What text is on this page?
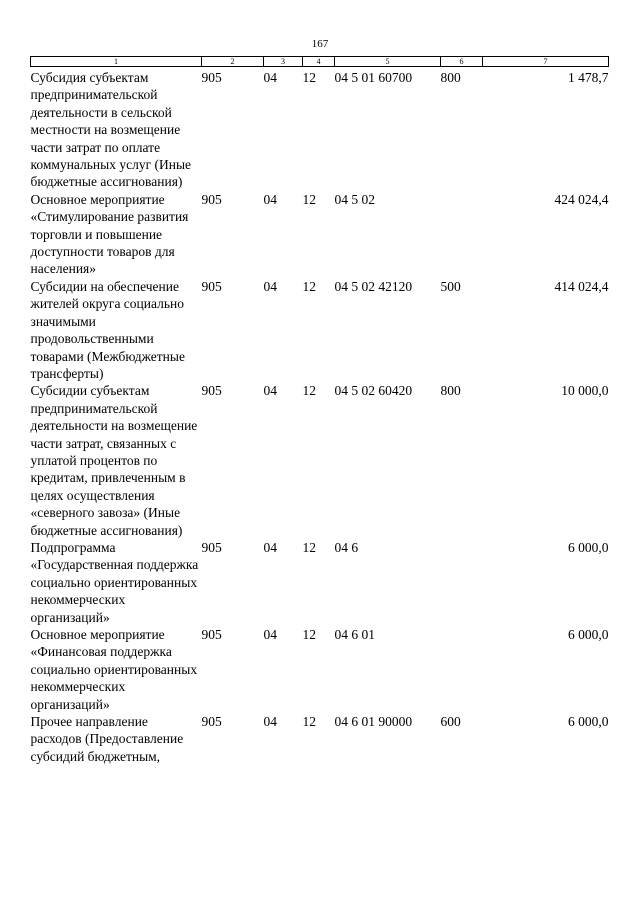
167
1	2	3	4	5	6	7
Субсидия субъектам предпринимательской деятельности в сельской местности на возмещение части затрат по оплате коммунальных услуг (Иные бюджетные ассигнования)	905	04	12	04 5 01 60700	800	1 478,7
Основное мероприятие «Стимулирование развития торговли и повышение доступности товаров для населения»	905	04	12	04 5 02		424 024,4
Субсидии на обеспечение жителей округа социально значимыми продовольственными товарами (Межбюджетные трансферты)	905	04	12	04 5 02 42120	500	414 024,4
Субсидии субъектам предпринимательской деятельности на возмещение части затрат, связанных с уплатой процентов по кредитам, привлеченным в целях осуществления «северного завоза» (Иные бюджетные ассигнования)	905	04	12	04 5 02 60420	800	10 000,0
Подпрограмма «Государственная поддержка социально ориентированных некоммерческих организаций»	905	04	12	04 6		6 000,0
Основное мероприятие «Финансовая поддержка социально ориентированных некоммерческих организаций»	905	04	12	04 6 01		6 000,0
Прочее направление расходов (Предоставление субсидий бюджетным,	905	04	12	04 6 01 90000	600	6 000,0
